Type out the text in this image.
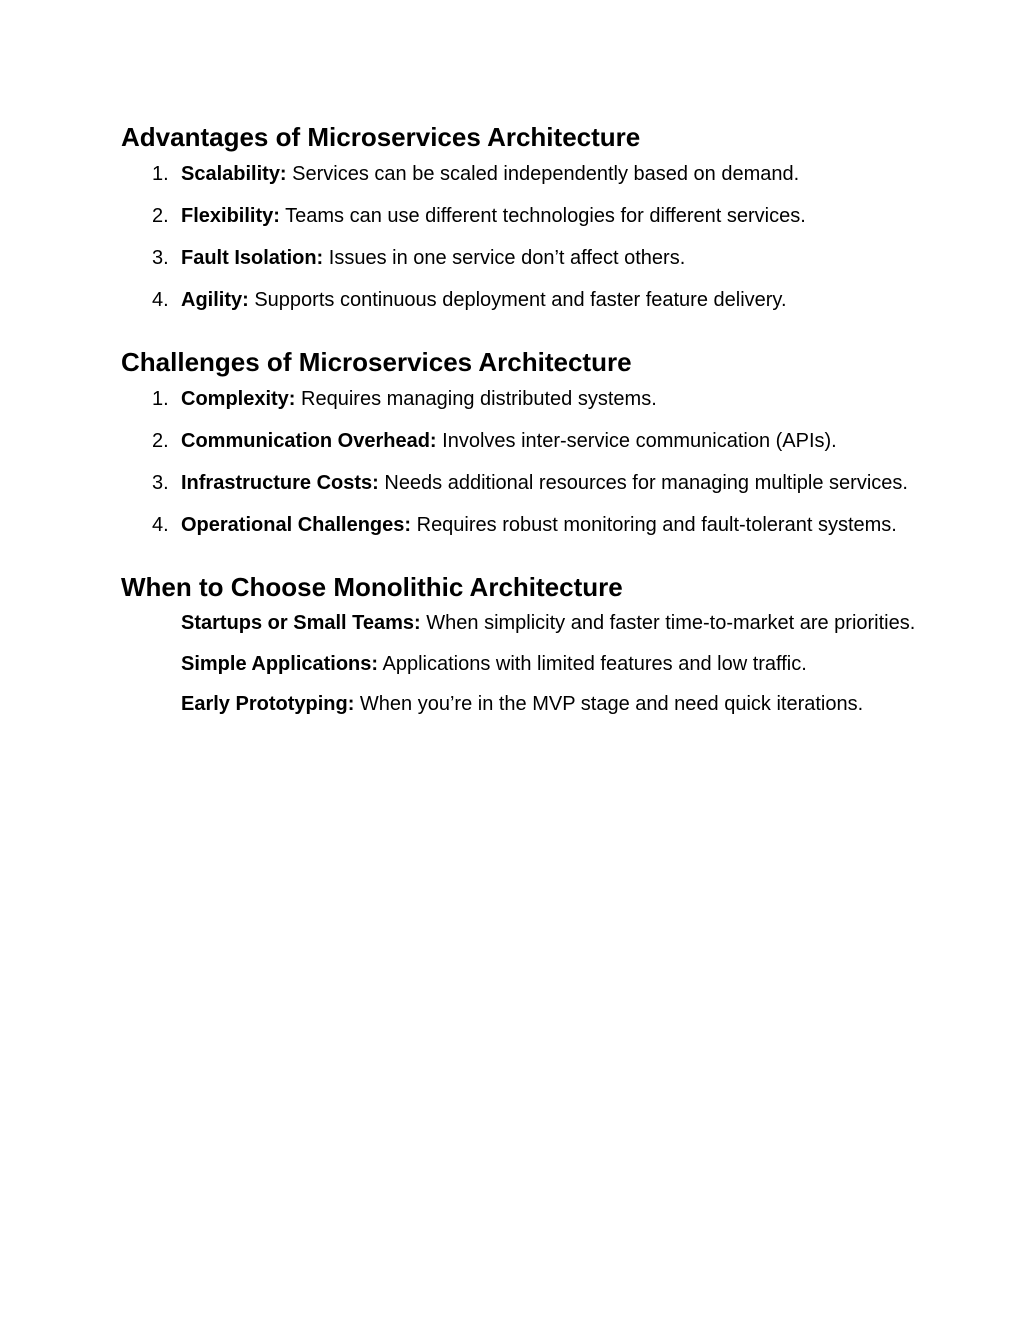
Advantages of Microservices Architecture
1. Scalability: Services can be scaled independently based on demand.
2. Flexibility: Teams can use different technologies for different services.
3. Fault Isolation: Issues in one service don’t affect others.
4. Agility: Supports continuous deployment and faster feature delivery.
Challenges of Microservices Architecture
1. Complexity: Requires managing distributed systems.
2. Communication Overhead: Involves inter-service communication (APIs).
3. Infrastructure Costs: Needs additional resources for managing multiple services.
4. Operational Challenges: Requires robust monitoring and fault-tolerant systems.
When to Choose Monolithic Architecture
Startups or Small Teams: When simplicity and faster time-to-market are priorities.
Simple Applications: Applications with limited features and low traffic.
Early Prototyping: When you’re in the MVP stage and need quick iterations.
